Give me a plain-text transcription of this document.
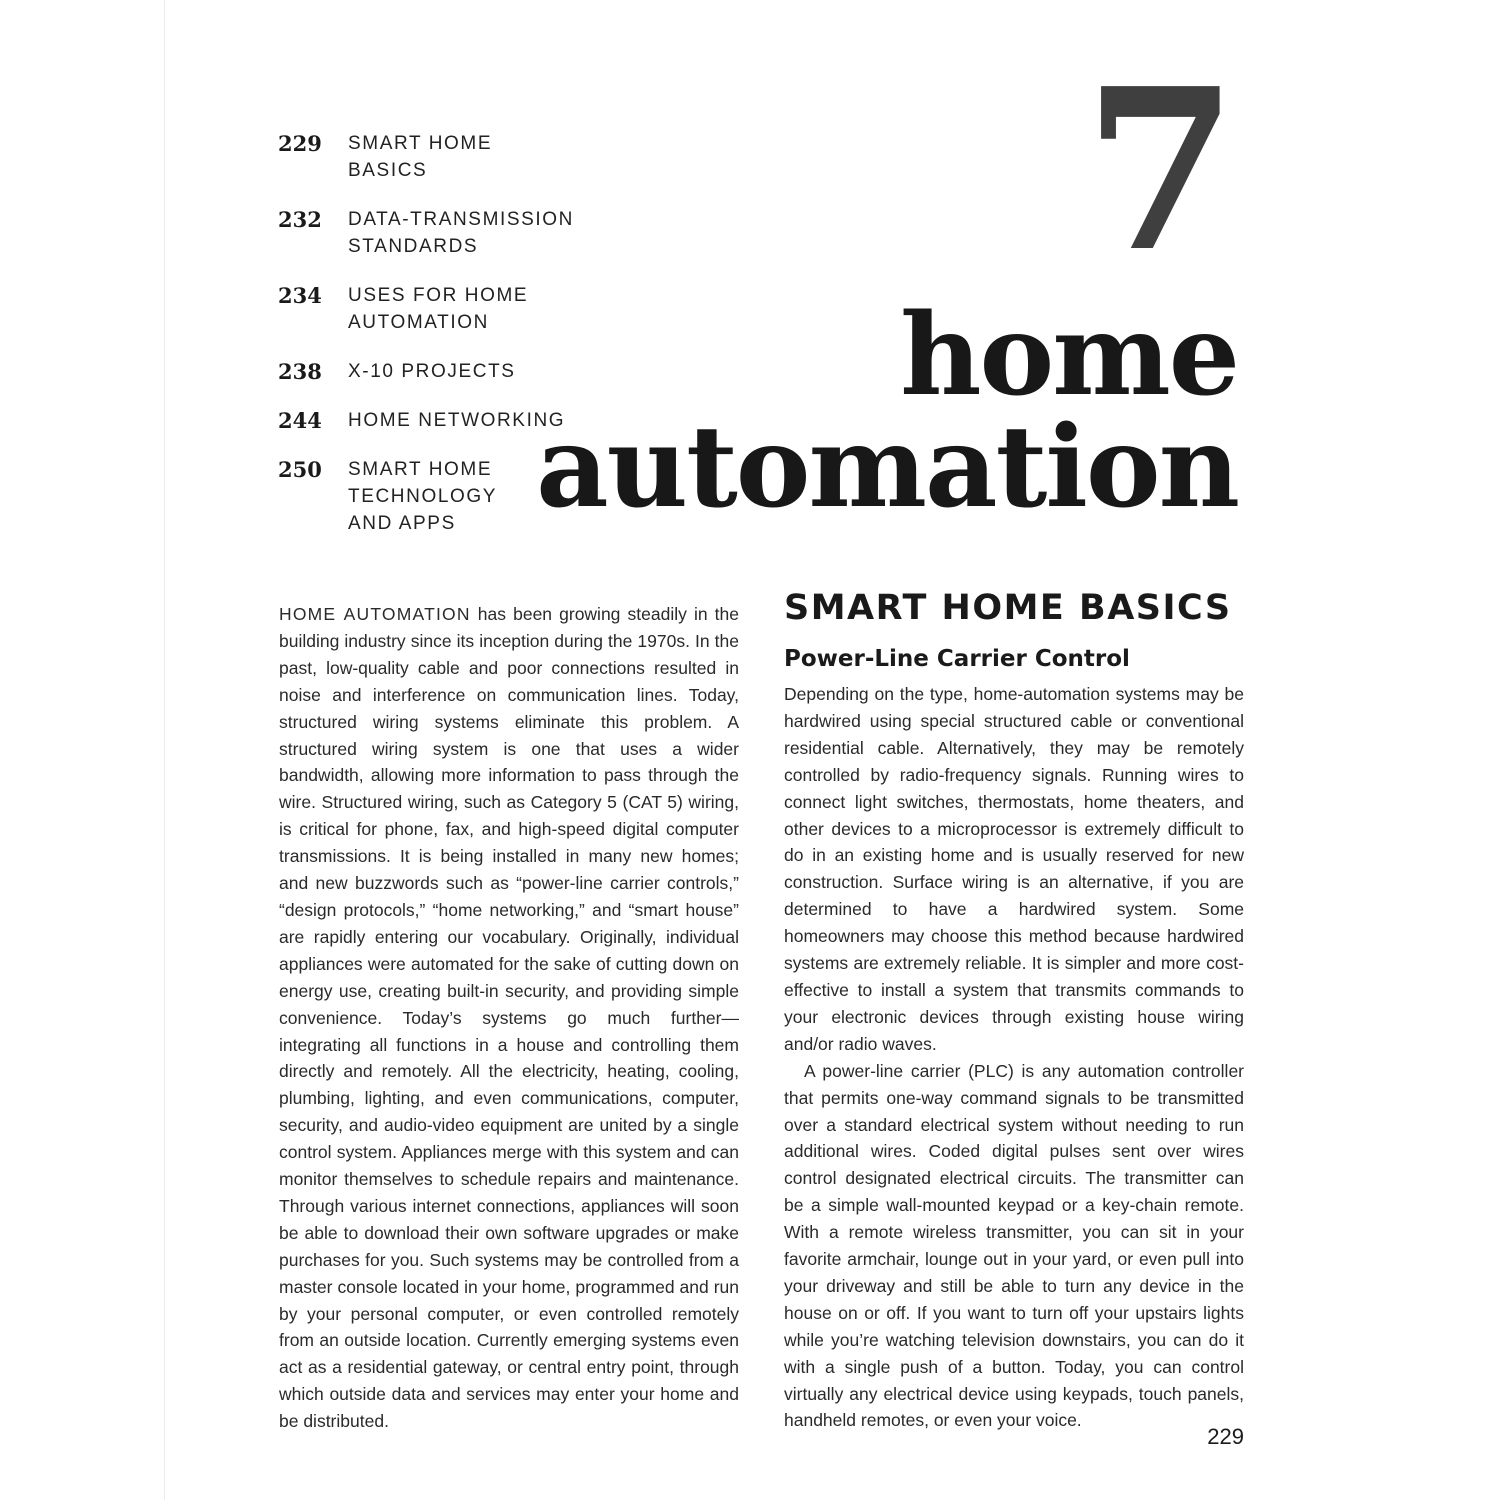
229 SMART HOME BASICS
232 DATA-TRANSMISSION
STANDARDS
234 USES FOR HOME
AUTOMATION
238 X-10 PROJECTS
244 HOME NETWORKING
250 SMART HOME
TECHNOLOGY
AND APPS
7
home
automation

HOME AUTOMATION has been growing steadily in the building industry since its inception during the 1970s. In the past, low-quality cable and poor connections resulted in noise and interference on communication lines. Today, structured wiring systems eliminate this problem. A structured wiring system is one that uses a wider bandwidth, allowing more information to pass through the wire. Structured wiring, such as Category 5 (CAT 5) wiring, is critical for phone, fax, and high-speed digital computer transmissions. It is being installed in many new homes; and new buzzwords such as “power-line carrier controls,” “design protocols,” “home networking,” and “smart house” are rapidly entering our vocabulary. Originally, individual appliances were automated for the sake of cutting down on energy use, creating built-in security, and providing simple convenience. Today’s systems go much further—integrating all functions in a house and controlling them directly and remotely. All the electricity, heating, cooling, plumbing, lighting, and even communications, computer, security, and audio-video equipment are united by a single control system. Appliances merge with this system and can monitor themselves to schedule repairs and maintenance. Through various internet connections, appliances will soon be able to download their own software upgrades or make purchases for you. Such systems may be controlled from a master console located in your home, programmed and run by your personal computer, or even controlled remotely from an outside location. Currently emerging systems even act as a residential gateway, or central entry point, through which outside data and services may enter your home and be distributed.

SMART HOME BASICS
Power-Line Carrier Control

Depending on the type, home-automation systems may be hardwired using special structured cable or conventional residential cable. Alternatively, they may be remotely controlled by radio-frequency signals. Running wires to connect light switches, thermostats, home theaters, and other devices to a microprocessor is extremely difficult to do in an existing home and is usually reserved for new construction. Surface wiring is an alternative, if you are determined to have a hardwired system. Some homeowners may choose this method because hardwired systems are extremely reliable. It is simpler and more cost-effective to install a system that transmits commands to your electronic devices through existing house wiring and/or radio waves.

A power-line carrier (PLC) is any automation controller that permits one-way command signals to be transmitted over a standard electrical system without needing to run additional wires. Coded digital pulses sent over wires control designated electrical circuits. The transmitter can be a simple wall-mounted keypad or a key-chain remote. With a remote wireless transmitter, you can sit in your favorite armchair, lounge out in your yard, or even pull into your driveway and still be able to turn any device in the house on or off. If you want to turn off your upstairs lights while you’re watching television downstairs, you can do it with a single push of a button. Today, you can control virtually any electrical device using keypads, touch panels, handheld remotes, or even your voice.

229
